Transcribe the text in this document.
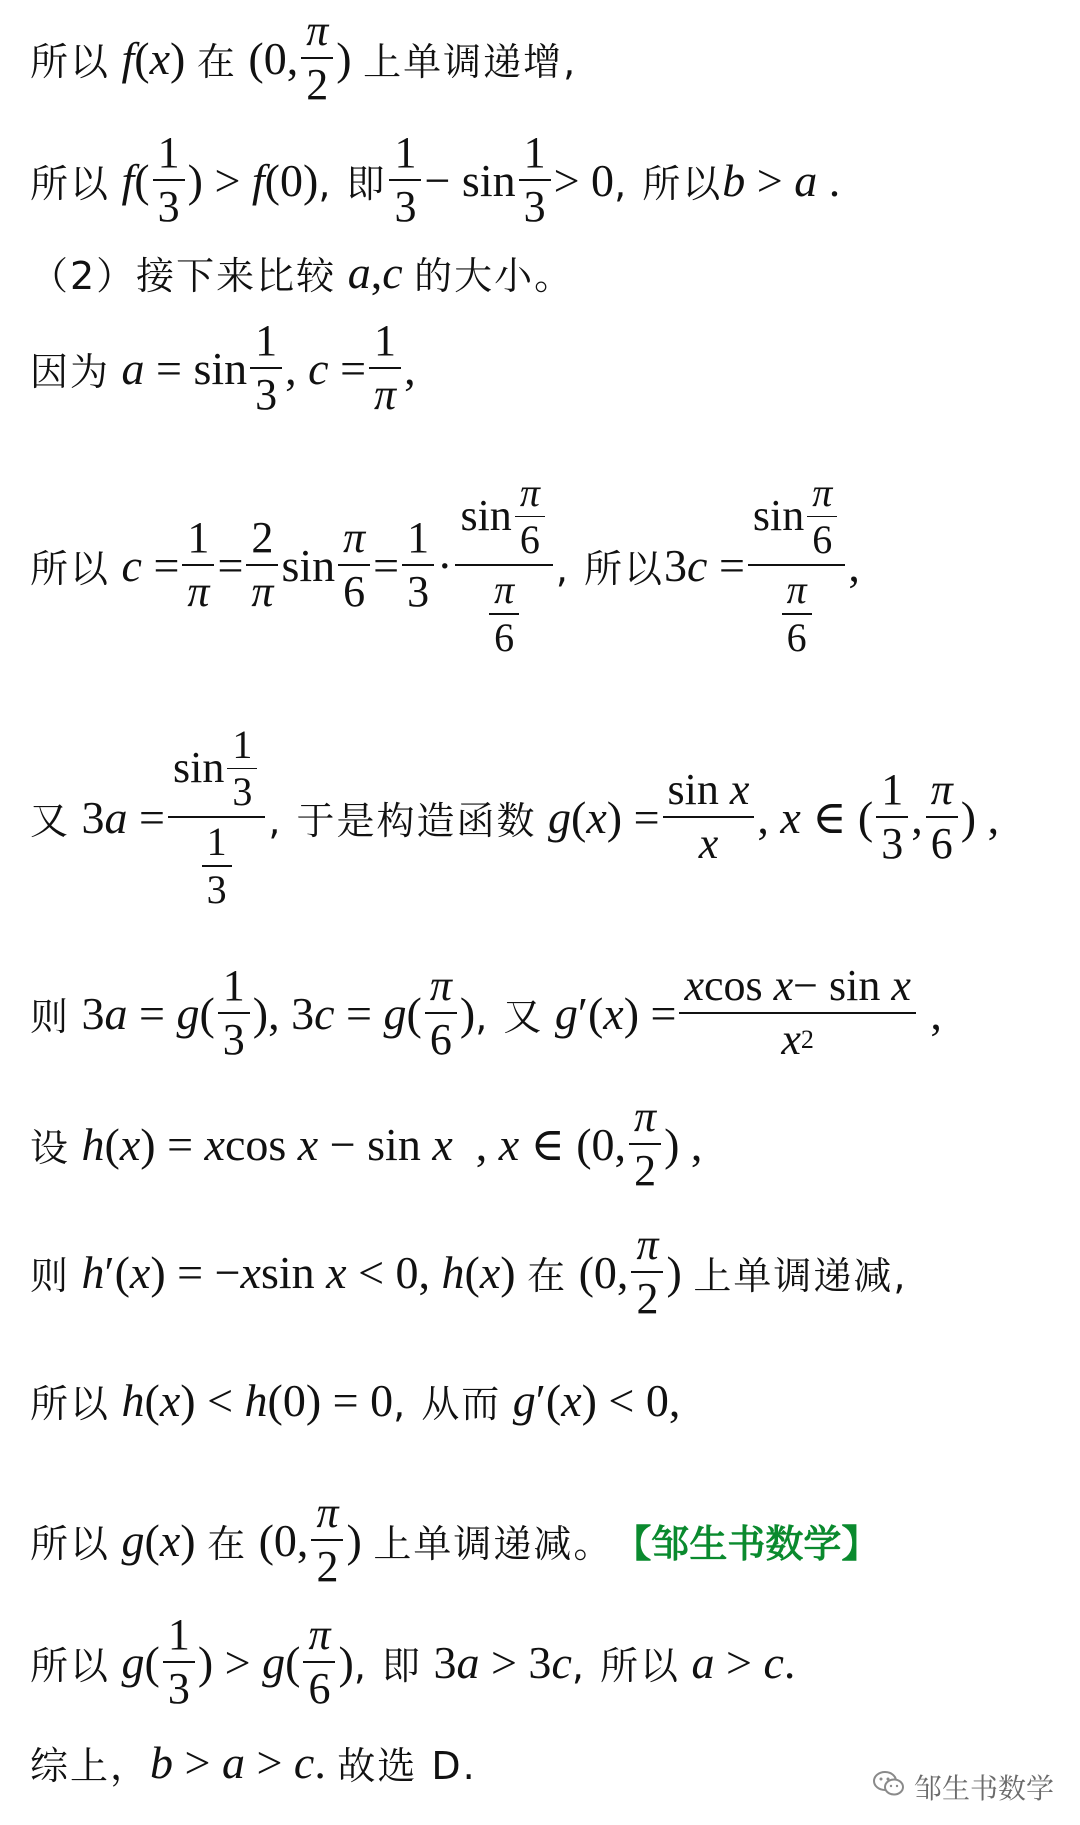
所以 f(x) 在 (0, $\frac{\pi}{2}$ ) 上单调递增,
所以 $f( \frac{1}{3}$ ) > f(0) , 即 $\frac{1}{3} - \sin \frac{1}{3} > 0$ , 所以 b > a .
（2）接下来比较 a,c 的大小。
因为 $a = \sin \frac{1}{3}$ , $c = \frac{1}{\pi}$ ,
所以 $c = \frac{1}{\pi} = \frac{2}{\pi}$ $\sin \frac{\pi}{6} = \frac{1}{3} \cdot \frac{\sin \frac{\pi}{6}}{\frac{\pi}{6}}$ , 所以 $3c = \frac{\sin \frac{\pi}{6}}{\frac{\pi}{6}}$ ,
又 $3a = \frac{\sin \frac{1}{3}}{\frac{1}{3}}$ , 于是构造函数 $g(x) = \frac{\text{sin x}}{x}$ , x ∈ ( $\frac{1}{3}$ , $\frac{\pi}{6}$ ) ,
则 $3a = g( \frac{1}{3}$ ), $3c = g( \frac{\pi}{6}$ ) , 又 $g'(x) = \frac{\text{x cos x − sin x}}{x 2}$ ,
设 h(x) = xcos x − sin x  , x ∈ (0, $\frac{\pi}{2}$ ) ,
则 h′(x) = −xsin x < 0, h(x) 在 (0, $\frac{\pi}{2}$ ) 上单调递减,
所以 h(x) < h(0) = 0 , 从而 g′(x) < 0,
所以 g(x) 在 (0, $\frac{\pi}{2}$ ) 上单调递减。 【邹生书数学】
所以 $g( \frac{1}{3}$ ) > $g( \frac{\pi}{6}$ ) , 即 3a > 3c , 所以 a > c.
综上， b > a > c. 故选 D.
邹生书数学
